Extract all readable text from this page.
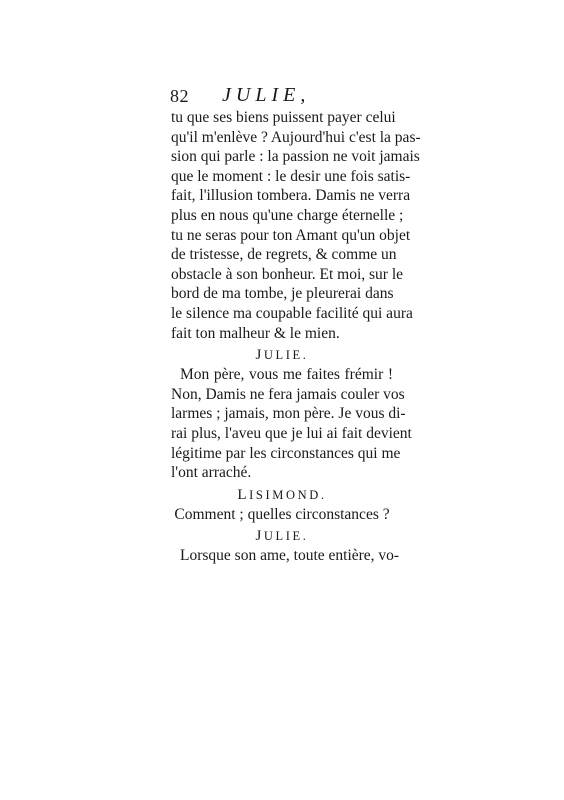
82 JULIE,
tu que ses biens puissent payer celui
qu'il m'enlève ? Aujourd'hui c'est la pas-
sion qui parle : la passion ne voit jamais
que le moment : le desir une fois satis-
fait, l'illusion tombera. Damis ne verra
plus en nous qu'une charge éternelle ;
tu ne seras pour ton Amant qu'un objet
de tristesse, de regrets, & comme un
obstacle à son bonheur. Et moi, sur le
bord de ma tombe, je pleurerai dans
le silence ma coupable facilité qui aura
fait ton malheur & le mien.
JULIE.
Mon père, vous me faites frémir !
Non, Damis ne fera jamais couler vos
larmes ; jamais, mon père. Je vous di-
rai plus, l'aveu que je lui ai fait devient
légitime par les circonstances qui me
l'ont arraché.
LISIMOND.
Comment ; quelles circonstances ?
JULIE.
Lorsque son ame, toute entière, vo-
